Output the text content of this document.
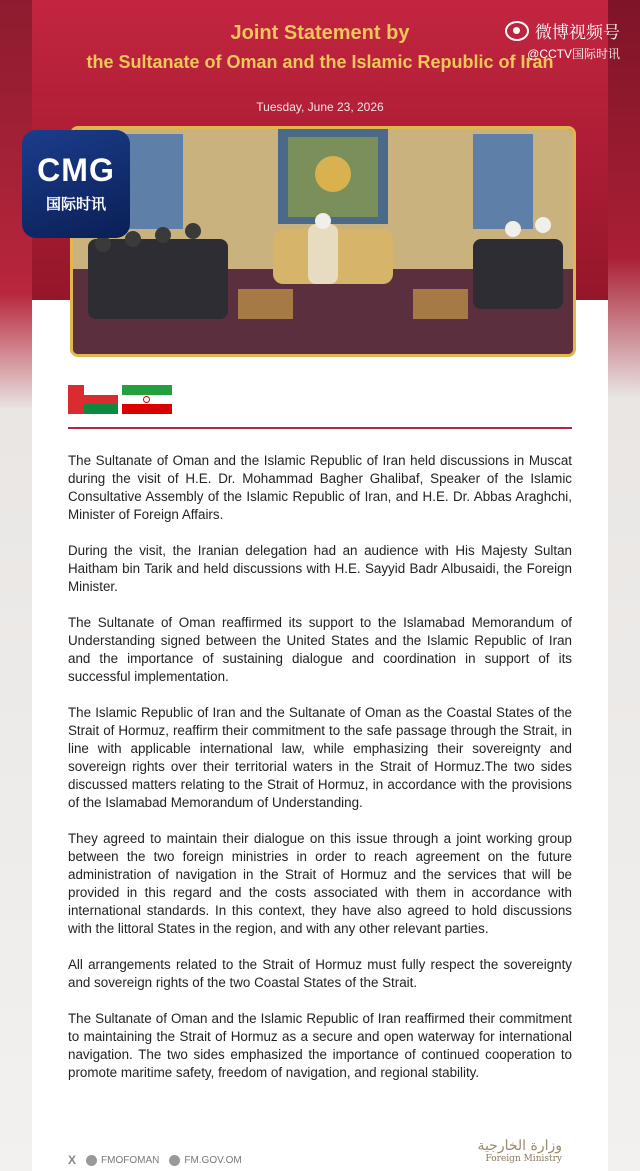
Joint Statement by
the Sultanate of Oman and the Islamic Republic of Iran
Tuesday, June 23, 2026

The Sultanate of Oman and the Islamic Republic of Iran held discussions in Muscat during the visit of H.E. Dr. Mohammad Bagher Ghalibaf, Speaker of the Islamic Consultative Assembly of the Islamic Republic of Iran, and H.E. Dr. Abbas Araghchi, Minister of Foreign Affairs.

During the visit, the Iranian delegation had an audience with His Majesty Sultan Haitham bin Tarik and held discussions with H.E. Sayyid Badr Albusaidi, the Foreign Minister.

The Sultanate of Oman reaffirmed its support to the Islamabad Memorandum of Understanding signed between the United States and the Islamic Republic of Iran and the importance of sustaining dialogue and coordination in support of its successful implementation.

The Islamic Republic of Iran and the Sultanate of Oman as the Coastal States of the Strait of Hormuz, reaffirm their commitment to the safe passage through the Strait, in line with applicable international law, while emphasizing their sovereignty and sovereign rights over their territorial waters in the Strait of Hormuz.The two sides discussed matters relating to the Strait of Hormuz, in accordance with the provisions of the Islamabad Memorandum of Understanding.

They agreed to maintain their dialogue on this issue through a joint working group between the two foreign ministries in order to reach agreement on the future administration of navigation in the Strait of Hormuz and the services that will be provided in this regard and the costs associated with them in accordance with international standards. In this context, they have also agreed to hold discussions with the littoral States in the region, and with any other relevant parties.

All arrangements related to the Strait of Hormuz must fully respect the sovereignty and sovereign rights of the two Coastal States of the Strait.

The Sultanate of Oman and the Islamic Republic of Iran reaffirmed their commitment to maintaining the Strait of Hormuz as a secure and open waterway for international navigation. The two sides emphasized the importance of continued cooperation to promote maritime safety, freedom of navigation, and regional stability.

X	FMOFOMAN	FM.GOV.OM
وزارة الخارجية
Foreign Ministry
CMG
国际时讯
微博视频号
@CCTV国际时讯
